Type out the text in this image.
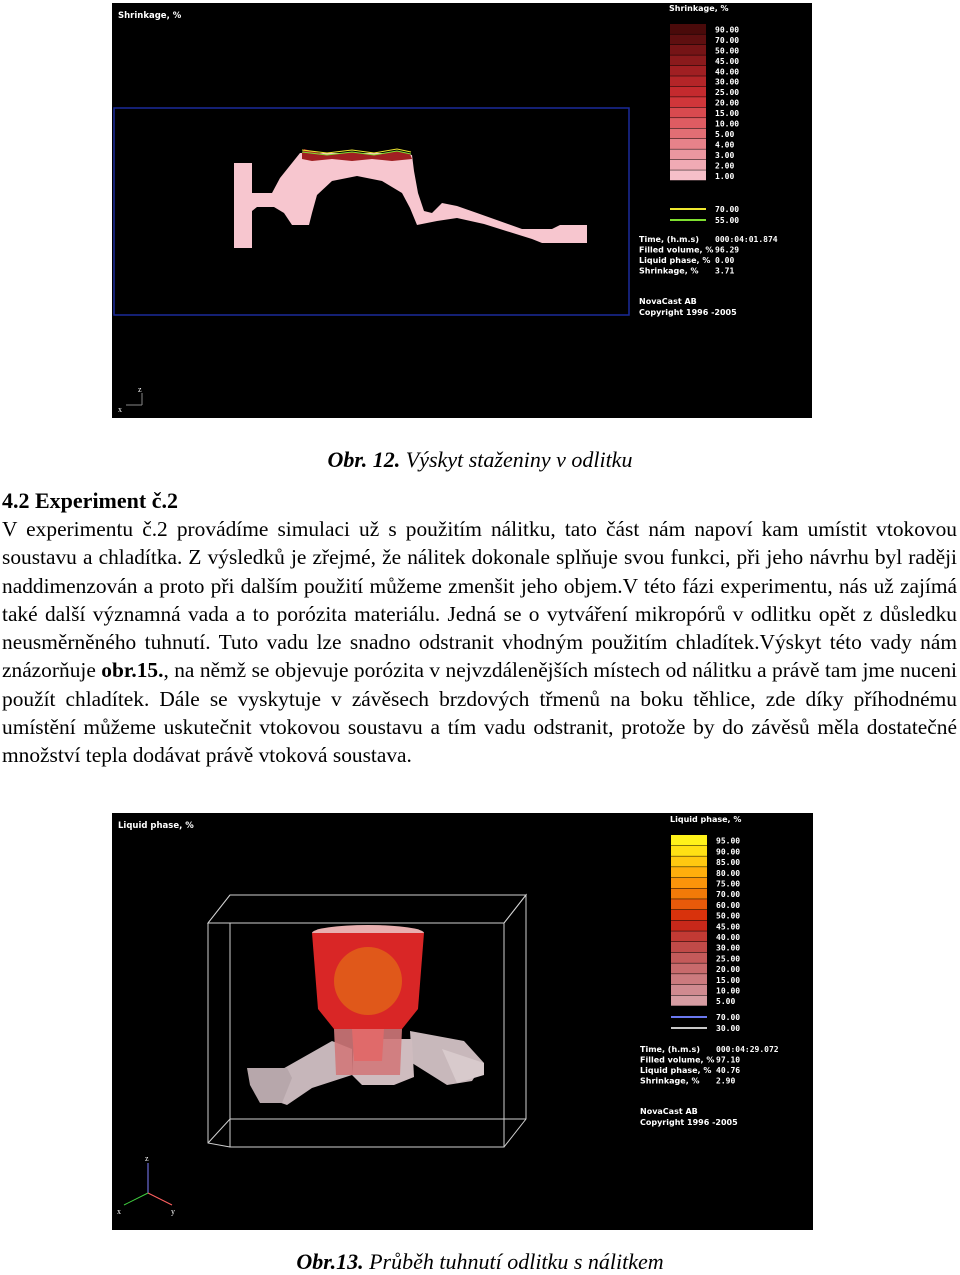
Shrinkage, %
Shrinkage, %
90.00
70.00
50.00
45.00
40.00
30.00
25.00
20.00
15.00
10.00
5.00
4.00
3.00
2.00
1.00
70.00
55.00
Time, (h.m.s) 000:04:01.874
Filled volume, % 96.29
Liquid phase, % 0.00
Shrinkage, % 3.71
NovaCast AB
Copyright 1996 -2005
x
z
Obr. 12. Výskyt staženiny v odlitku
4.2 Experiment č.2
V experimentu č.2 provádíme simulaci už s použitím nálitku, tato část nám napoví kam umístit vtokovou soustavu a chladítka. Z výsledků je zřejmé, že nálitek dokonale splňuje svou funkci, při jeho návrhu byl raději naddimenzován a proto při dalším použití můžeme zmenšit jeho objem.V této fázi experimentu, nás už zajímá také další významná vada a to porózita materiálu. Jedná se o vytváření mikropórů v odlitku opět z důsledku neusměrněného tuhnutí. Tuto vadu lze snadno odstranit vhodným použitím chladítek.Výskyt této vady nám znázorňuje obr.15., na němž se objevuje porózita v nejvzdálenějších místech od nálitku a právě tam jme nuceni použít chladítek. Dále se vyskytuje v závěsech brzdových třmenů na boku těhlice, zde díky příhodnému umístění můžeme uskutečnit vtokovou soustavu a tím vadu odstranit, protože by do závěsů měla dostatečné množství tepla dodávat právě vtoková soustava.
Liquid phase, %
Liquid phase, %
95.00
90.00
85.00
80.00
75.00
70.00
60.00
50.00
45.00
40.00
30.00
25.00
20.00
15.00
10.00
5.00
70.00
30.00
Time, (h.m.s) 000:04:29.072
Filled volume, % 97.10
Liquid phase, % 40.76
Shrinkage, % 2.90
NovaCast AB
Copyright 1996 -2005
z
x	y
Obr.13. Průběh tuhnutí odlitku s nálitkem
